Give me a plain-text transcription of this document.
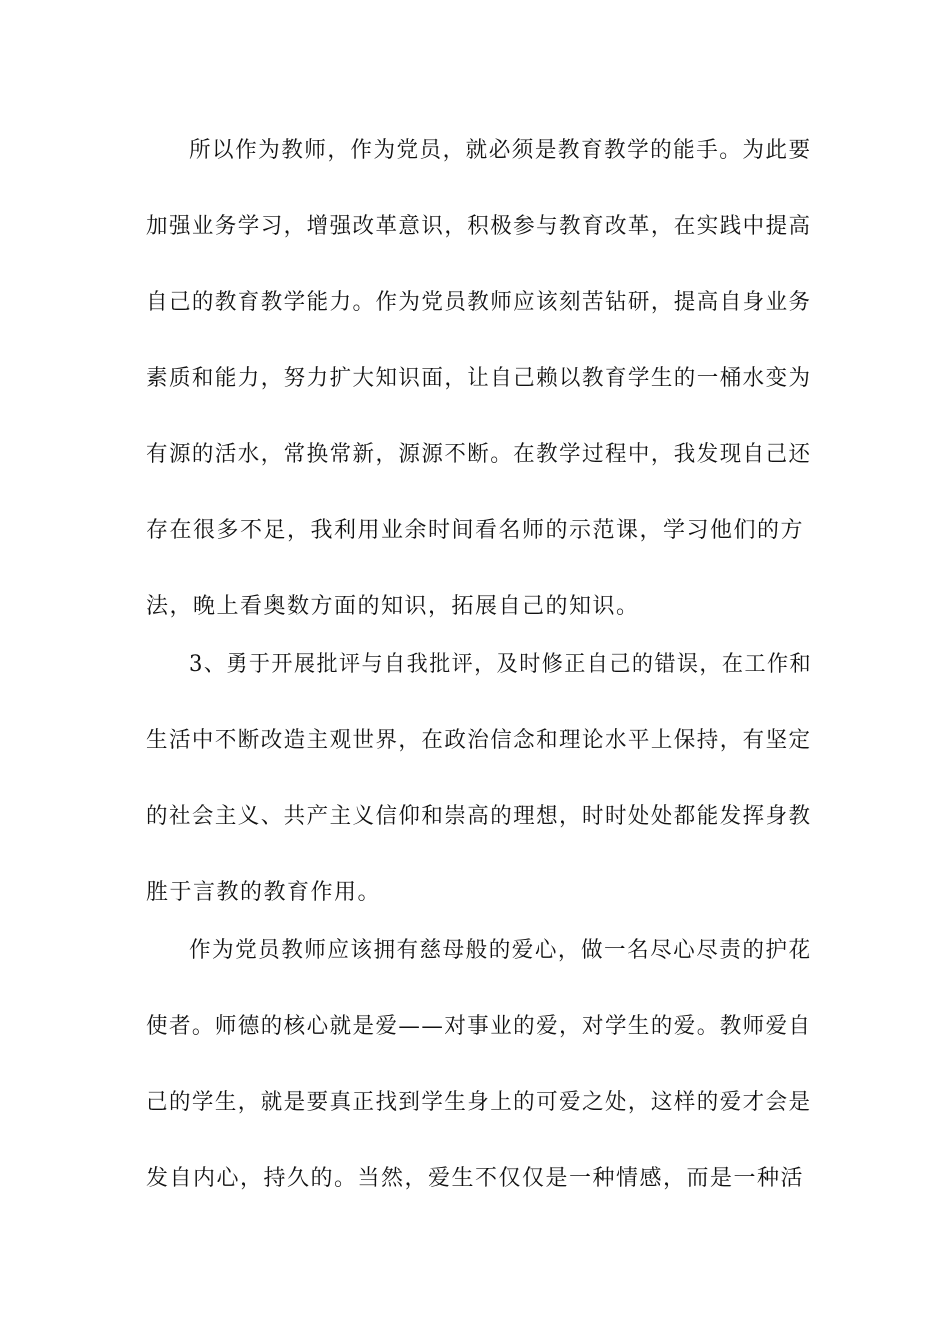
所以作为教师，作为党员，就必须是教育教学的能手。为此要

加强业务学习，增强改革意识，积极参与教育改革，在实践中提高

自己的教育教学能力。作为党员教师应该刻苦钻研，提高自身业务

素质和能力，努力扩大知识面，让自己赖以教育学生的一桶水变为

有源的活水，常换常新，源源不断。在教学过程中，我发现自己还

存在很多不足，我利用业余时间看名师的示范课，学习他们的方

法，晚上看奥数方面的知识，拓展自己的知识。

3、勇于开展批评与自我批评，及时修正自己的错误，在工作和

生活中不断改造主观世界，在政治信念和理论水平上保持，有坚定

的社会主义、共产主义信仰和崇高的理想，时时处处都能发挥身教

胜于言教的教育作用。

作为党员教师应该拥有慈母般的爱心，做一名尽心尽责的护花

使者。师德的核心就是爱——对事业的爱，对学生的爱。教师爱自

己的学生，就是要真正找到学生身上的可爱之处，这样的爱才会是

发自内心，持久的。当然，爱生不仅仅是一种情感，而是一种活
